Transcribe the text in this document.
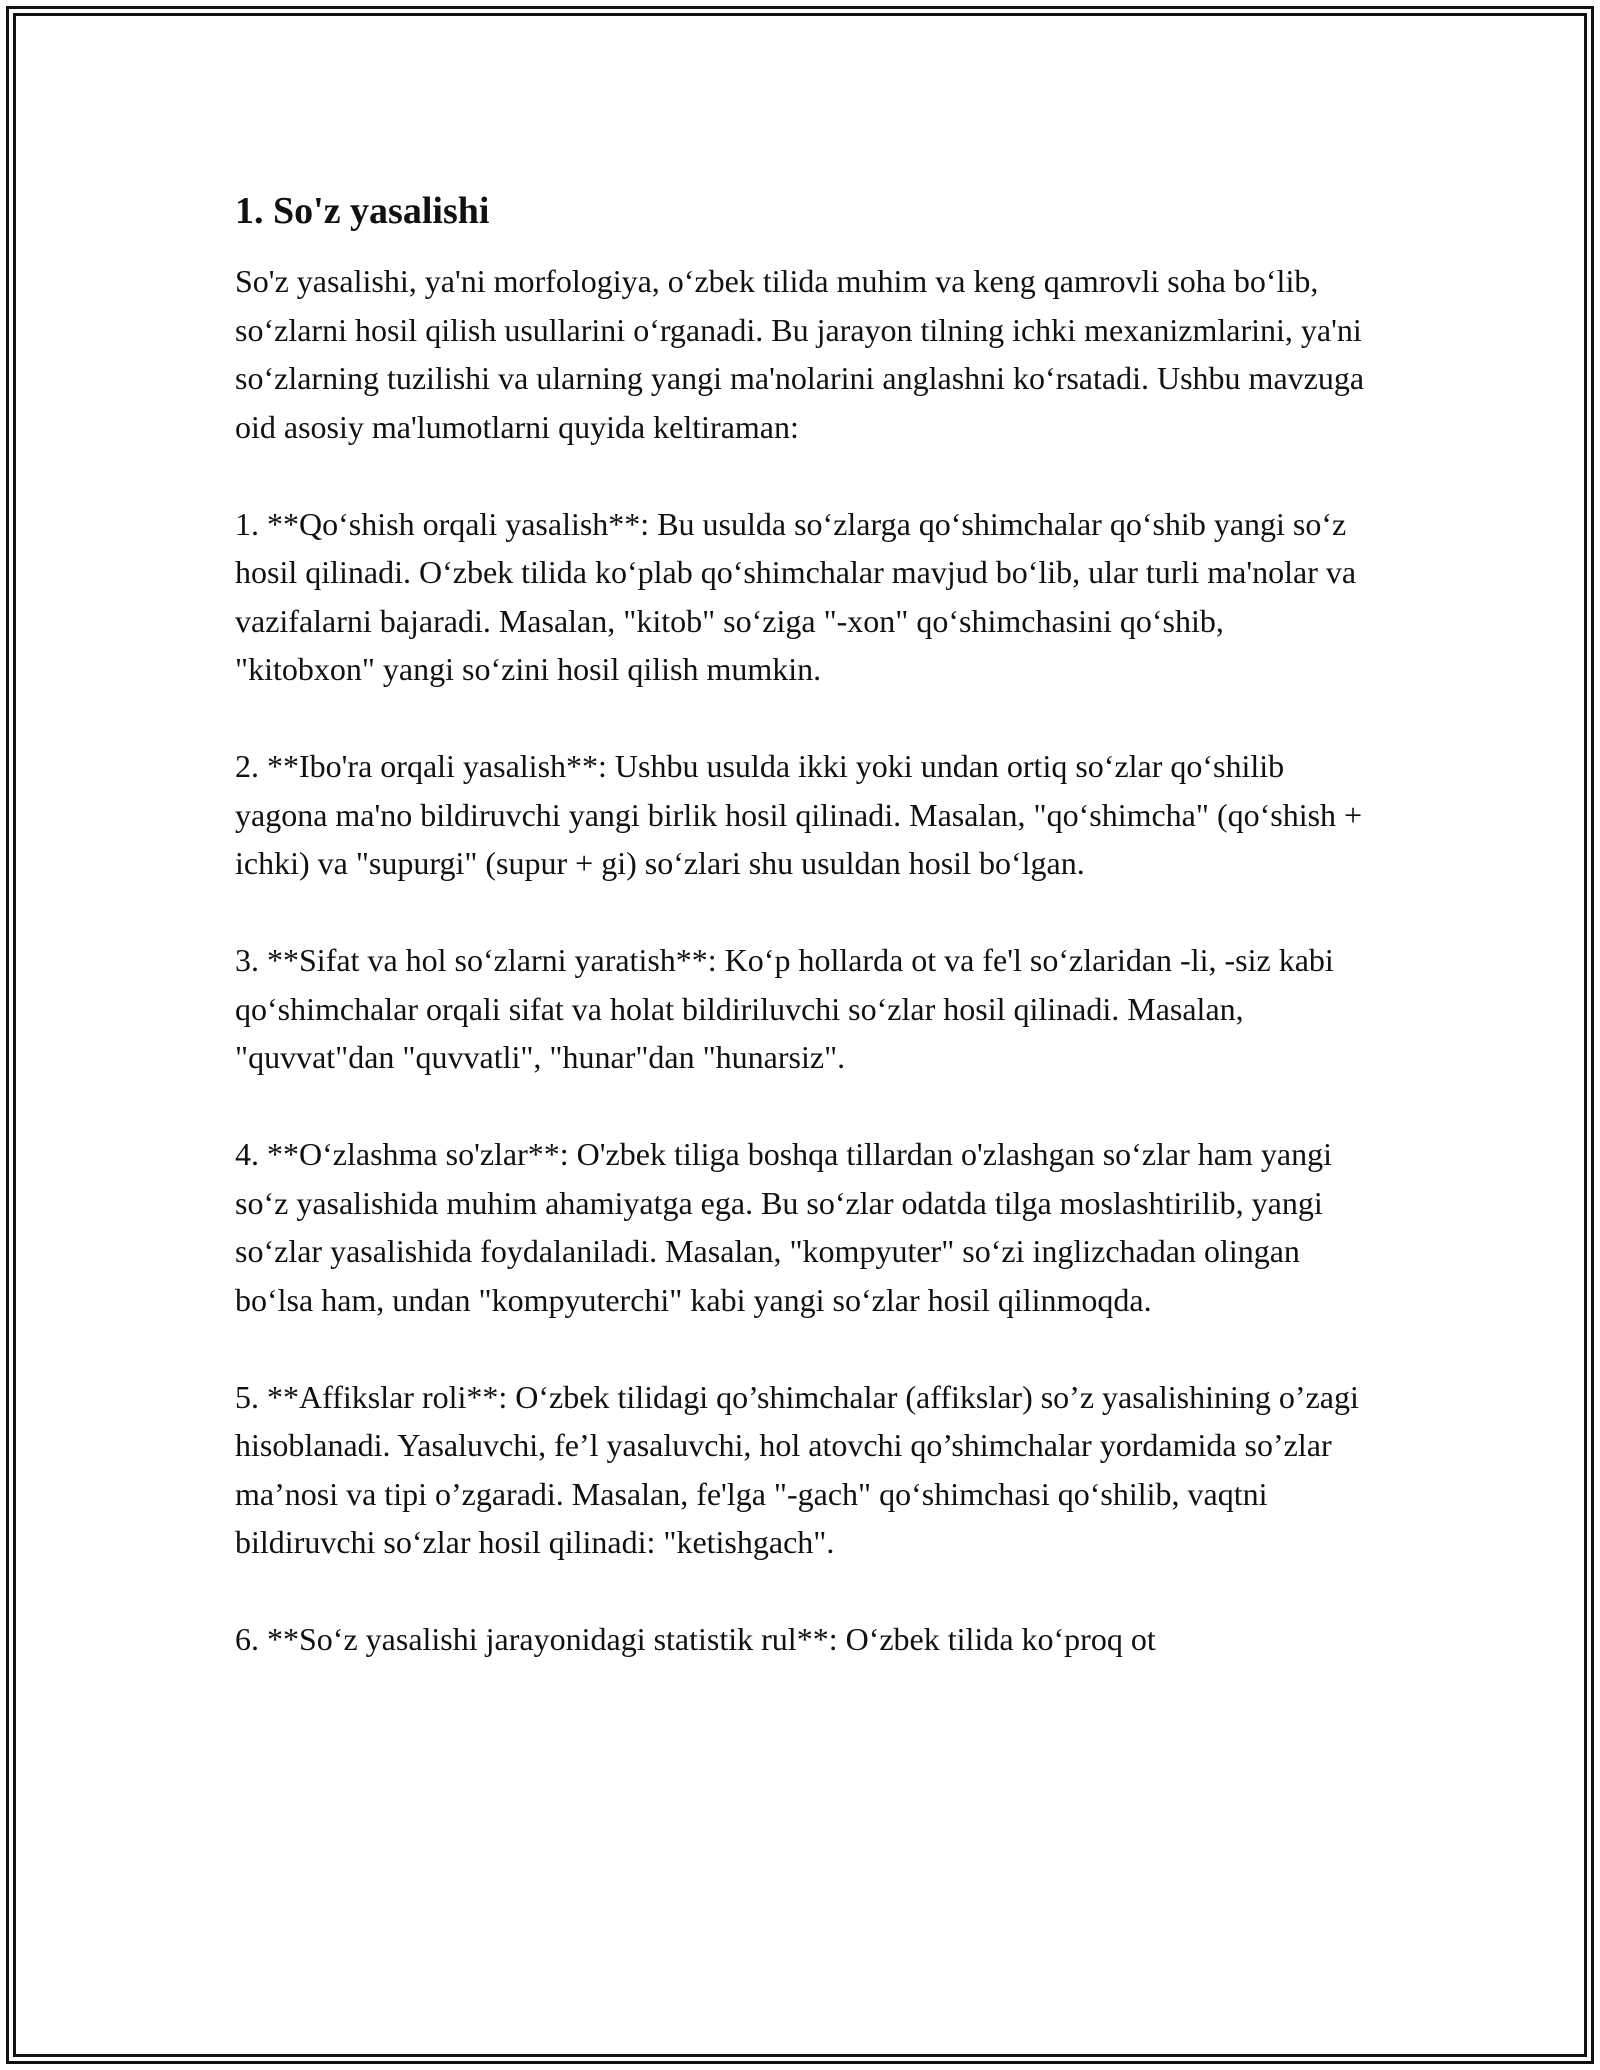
1. So'z yasalishi

So'z yasalishi, ya'ni morfologiya, o‘zbek tilida muhim va keng qamrovli soha bo‘lib, so‘zlarni hosil qilish usullarini o‘rganadi. Bu jarayon tilning ichki mexanizmlarini, ya'ni so‘zlarning tuzilishi va ularning yangi ma'nolarini anglashni ko‘rsatadi. Ushbu mavzuga oid asosiy ma'lumotlarni quyida keltiraman:

1. **Qo‘shish orqali yasalish**: Bu usulda so‘zlarga qo‘shimchalar qo‘shib yangi so‘z hosil qilinadi. O‘zbek tilida ko‘plab qo‘shimchalar mavjud bo‘lib, ular turli ma'nolar va vazifalarni bajaradi. Masalan, "kitob" so‘ziga "-xon" qo‘shimchasini qo‘shib, "kitobxon" yangi so‘zini hosil qilish mumkin.

2. **Ibo'ra orqali yasalish**: Ushbu usulda ikki yoki undan ortiq so‘zlar qo‘shilib yagona ma'no bildiruvchi yangi birlik hosil qilinadi. Masalan, "qo‘shimcha" (qo‘shish + ichki) va "supurgi" (supur + gi) so‘zlari shu usuldan hosil bo‘lgan.

3. **Sifat va hol so‘zlarni yaratish**: Ko‘p hollarda ot va fe'l so‘zlaridan -li, -siz kabi qo‘shimchalar orqali sifat va holat bildiriluvchi so‘zlar hosil qilinadi. Masalan, "quvvat"dan "quvvatli", "hunar"dan "hunarsiz".

4. **O‘zlashma so'zlar**: O'zbek tiliga boshqa tillardan o'zlashgan so‘zlar ham yangi so‘z yasalishida muhim ahamiyatga ega. Bu so‘zlar odatda tilga moslashtirilib, yangi so‘zlar yasalishida foydalaniladi. Masalan, "kompyuter" so‘zi inglizchadan olingan bo‘lsa ham, undan "kompyuterchi" kabi yangi so‘zlar hosil qilinmoqda.

5. **Affikslar roli**: O‘zbek tilidagi qo’shimchalar (affikslar) so’z yasalishining o’zagi hisoblanadi. Yasaluvchi, fe’l yasaluvchi, hol atovchi qo’shimchalar yordamida so’zlar ma’nosi va tipi o’zgaradi. Masalan, fe'lga "-gach" qo‘shimchasi qo‘shilib, vaqtni bildiruvchi so‘zlar hosil qilinadi: "ketishgach".

6. **So‘z yasalishi jarayonidagi statistik rul**: O‘zbek tilida ko‘proq ot
